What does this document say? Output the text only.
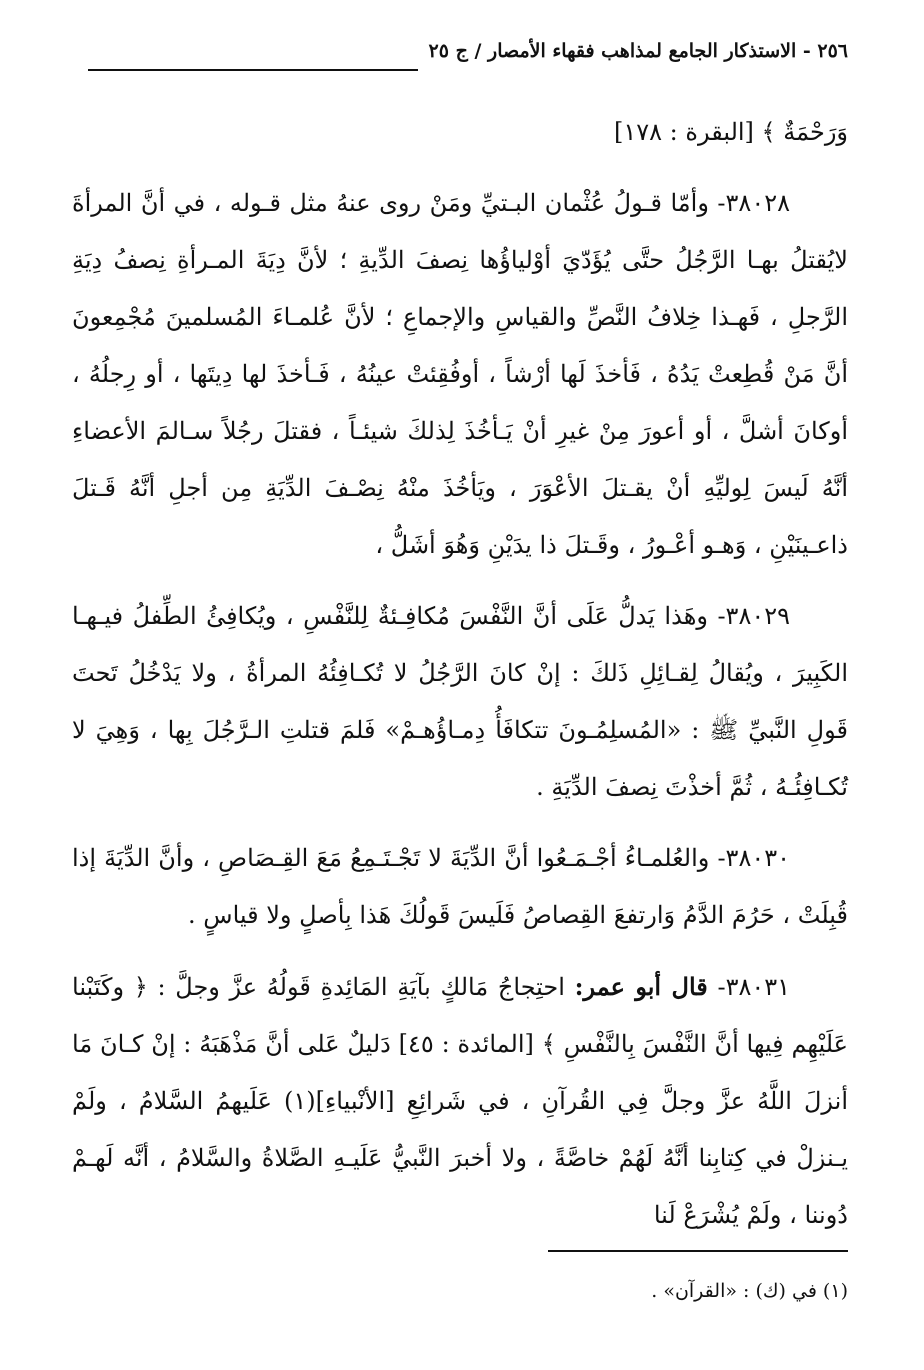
٢٥٦ - الاستذكار الجامع لمذاهب فقهاء الأمصار / ج ٢٥

وَرَحْمَةٌ ﴾ [البقرة : ١٧٨]

٣٨٠٢٨- وأمّا قـولُ عُثْمان البـتيِّ ومَنْ روى عنهُ مثل قـوله ، في أنَّ المرأةَ لايُقتلُ بهـا الرَّجُلُ حتَّى يُؤَدّيَ أوْلياؤُها نِصفَ الدِّيةِ ؛ لأنَّ دِيَةَ المـرأةِ نِصفُ دِيَةِ الرَّجلِ ، فَهـذا خِلافُ النَّصِّ والقياسِ والإجماعِ ؛ لأنَّ عُلمـاءَ المُسلمينَ مُجْمِعونَ أنَّ مَنْ قُطِعتْ يَدُهُ ، فَأخذَ لَها أرْشاً ، أوفُقِئتْ عينُهُ ، فَـأخذَ لها دِيتَها ، أو رِجلُهُ ، أوكانَ أشلَّ ، أو أعورَ مِنْ غيرِ أنْ يَـأخُذَ لِذلكَ شيئـاً ، فقتلَ رجُلاً سـالمَ الأعضاءِ أنَّهُ لَيسَ لِوليِّهِ أنْ يقـتلَ الأعْوَرَ ، ويَأخُذَ منْهُ نِصْـفَ الدِّيَةِ مِن أجلِ أنَّهُ قَـتلَ ذاعـينَيْنِ ، وَهـو أعْـورُ ، وقَـتلَ ذا يدَيْنِ وَهُوَ أشَلُّ ،

٣٨٠٢٩- وهَذا يَدلُّ عَلَى أنَّ النَّفْسَ مُكافِـئةٌ لِلنَّفْسِ ، ويُكافِئُ الطِّفلُ فيـهـا الكَبِيرَ ، ويُقالُ لِقـائِلِ ذَلكَ : إنْ كانَ الرَّجُلُ لا تُكـافِئُهُ المرأةُ ، ولا يَدْخُلُ تَحتَ قَولِ النَّبيِّ ﷺ : «المُسلِمُـونَ تتكافَأُ دِمـاؤُهـمْ» فَلمَ قتلتِ الـرَّجُلَ بِها ، وَهِيَ لا تُكـافِئُـهُ ، ثُمَّ أخذْتَ نِصفَ الدِّيَةِ .

٣٨٠٣٠- والعُلمـاءُ أجْـمَـعُوا أنَّ الدِّيَةَ لا تَجْـتَـمِعُ مَعَ القِـصَاصِ ، وأنَّ الدِّيَةَ إذا قُبِلَتْ ، حَرُمَ الدَّمُ وَارتفعَ القِصاصُ فَلَيسَ قَولُكَ هَذا بِأصلٍ ولا قياسٍ .

٣٨٠٣١- قال أبو عمر: احتِجاجُ مَالكٍ بآيَةِ المَائِدةِ قَولُهُ عزَّ وجلَّ : ﴿ وكَتَبْنا عَلَيْهِم فِيها أنَّ النَّفْسَ بِالنَّفْسِ ﴾ [المائدة : ٤٥] دَليلٌ عَلى أنَّ مَذْهَبَهُ : إنْ كـانَ مَا أنزلَ اللَّهُ عزَّ وجلَّ فِي القُرآنِ ، في شَرائِعِ [الأنْبياءِ](١) عَلَيهمُ السَّلامُ ، ولَمْ يـنزلْ في كِتابِنا أنَّهُ لَهُمْ خاصَّةً ، ولا أخبرَ النَّبيُّ عَلَيـهِ الصَّلاةُ والسَّلامُ ، أنَّه لَهـمْ دُوننا ، ولَمْ يُشْرَعْ لَنا

(١) في (ك) : «القرآن» .
